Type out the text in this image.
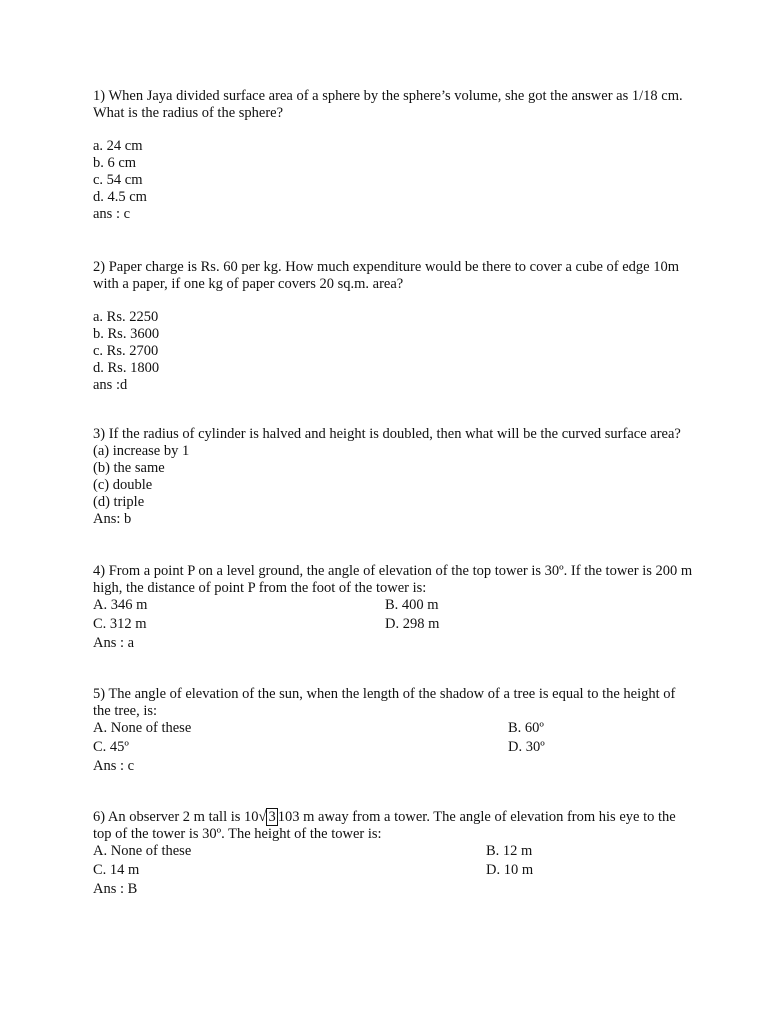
1) When Jaya divided surface area of a sphere by the sphere’s volume, she got the answer as 1/18 cm. What is the radius of the sphere?
a. 24 cm
b. 6 cm
c. 54 cm
d. 4.5 cm
ans : c
2) Paper charge is Rs. 60 per kg. How much expenditure would be there to cover a cube of edge 10m with a paper, if one kg of paper covers 20 sq.m. area?
a. Rs. 2250
b. Rs. 3600
c. Rs. 2700
d. Rs. 1800
ans :d
3) If the radius of cylinder is halved and height is doubled, then what will be the curved surface area?
(a) increase by 1
(b) the same
(c) double
(d) triple
Ans: b
4) From a point P on a level ground, the angle of elevation of the top tower is 30º. If the tower is 200 m high, the distance of point P from the foot of the tower is:
A. 346 m	B. 400 m
C. 312 m	D. 298 m
Ans : a
5) The angle of elevation of the sun, when the length of the shadow of a tree is equal to the height of the tree, is:
A. None of these	B. 60º
C. 45º	D. 30º
Ans : c
6) An observer 2 m tall is 10√ 3 103 m away from a tower. The angle of elevation from his eye to the top of the tower is 30º. The height of the tower is:
A. None of these	B. 12 m
C. 14 m	D. 10 m
Ans : B
